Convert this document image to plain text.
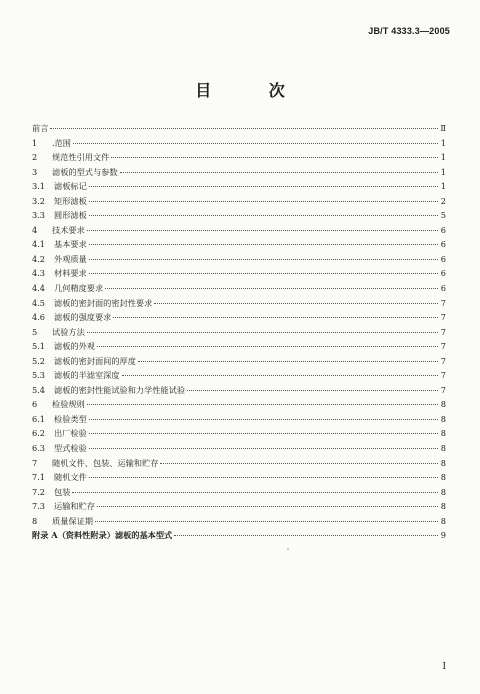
JB/T 4333.3—2005
目 次
前言	Ⅱ
1	.范围	1
2	规范性引用文件	1
3	滤板的型式与参数	1
3.1	滤板标记	1
3.2	矩形滤板	2
3.3	圆形滤板	5
4	技术要求	6
4.1	基本要求	6
4.2	外观质量	6
4.3	材料要求	6
4.4	几何精度要求	6
4.5	滤板的密封面的密封性要求	7
4.6	滤板的强度要求	7
5	试验方法	7
5.1	滤板的外观	7
5.2	滤板的密封面间的厚度	7
5.3	滤板的半滤室深度	7
5.4	滤板的密封性能试验和力学性能试验	7
6	检验规则	8
6.1	检验类型	8
6.2	出厂检验	8
6.3	型式检验	8
7	随机文件、包装、运输和贮存	8
7.1	随机文件	8
7.2	包装	8
7.3	运输和贮存	8
8	质量保证期	8
附录 A（资料性附录）滤板的基本型式	9
I
